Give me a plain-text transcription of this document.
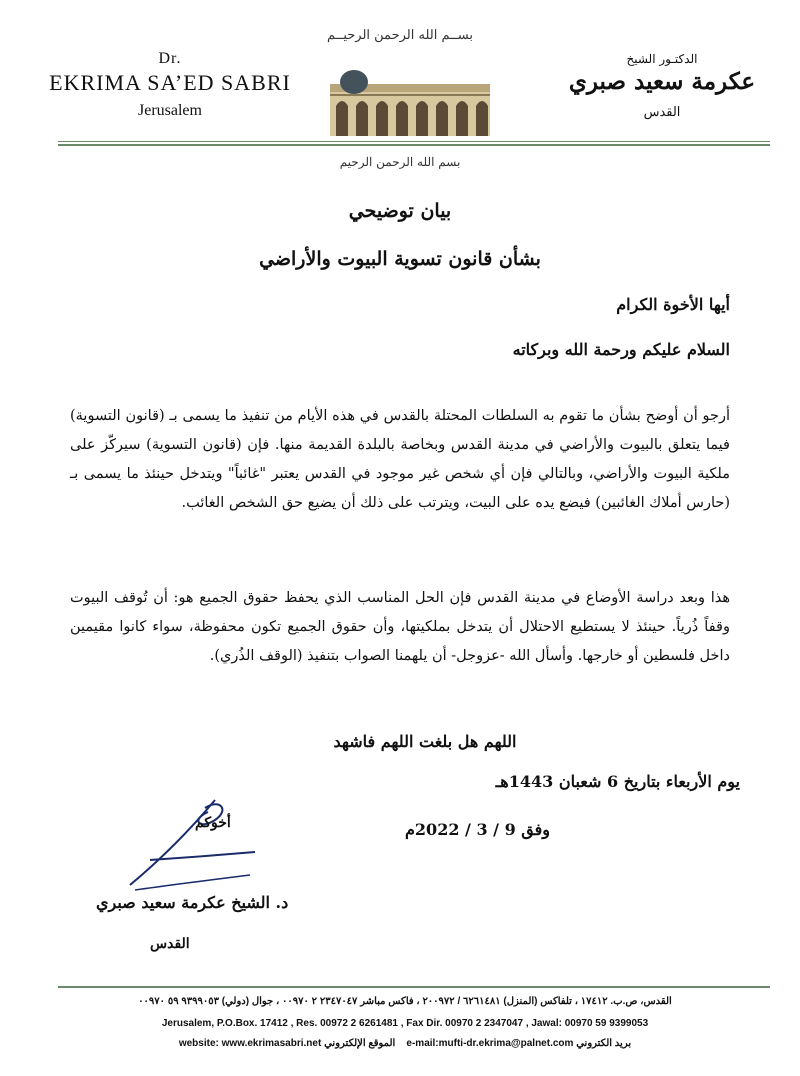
بســم الله الرحمن الرحيــم
Dr.
EKRIMA SA’ED SABRI
Jerusalem
الدكتـور الشيخ
عكرمة سعيد صبري
القدس
بسم الله الرحمن الرحيم
بيان توضيحي
بشأن قانون تسوية البيوت والأراضي
أيها الأخوة الكرام
السلام عليكم ورحمة الله وبركاته
أرجو أن أوضح بشأن ما تقوم به السلطات المحتلة بالقدس في هذه الأيام من تنفيذ ما يسمى بـ (قانون التسوية) فيما يتعلق بالبيوت والأراضي في مدينة القدس وبخاصة بالبلدة القديمة منها. فإن (قانون التسوية) سيركّز على ملكية البيوت والأراضي، وبالتالي فإن أي شخص غير موجود في القدس يعتبر "غائباً" ويتدخل حينئذ ما يسمى بـ (حارس أملاك الغائبين) فيضع يده على البيت، ويترتب على ذلك أن يضيع حق الشخص الغائب.
هذا وبعد دراسة الأوضاع في مدينة القدس فإن الحل المناسب الذي يحفظ حقوق الجميع هو: أن تُوقف البيوت وقفاً ذُرياً. حينئذ لا يستطيع الاحتلال أن يتدخل بملكيتها، وأن حقوق الجميع تكون محفوظة، سواء كانوا مقيمين داخل فلسطين أو خارجها. وأسأل الله -عزوجل- أن يلهمنا الصواب بتنفيذ (الوقف الذُري).
اللهم هل بلغت اللهم فاشهد
يوم الأربعاء بتاريخ 6 شعبان 1443هـ
وفق 9 / 3 / 2022م
أخوكم
د. الشيخ عكرمة سعيد صبري
القدس
القدس، ص.ب. ١٧٤١٢ ، تلفاكس (المنزل) ٦٢٦١٤٨١ / ٢٠٠٩٧٢ ، فاكس مباشر ٢٣٤٧٠٤٧ ٢ ٠٠٩٧٠ ، جوال (دولي) ٩٣٩٩٠٥٣ ٥٩ ٠٠٩٧٠
Jerusalem, P.O.Box. 17412 , Res. 00972 2 6261481 , Fax Dir. 00970 2 2347047 , Jawal: 00970 59 9399053
website: www.ekrimasabri.net الموقع الإلكتروني e-mail:mufti-dr.ekrima@palnet.com بريد الكتروني
